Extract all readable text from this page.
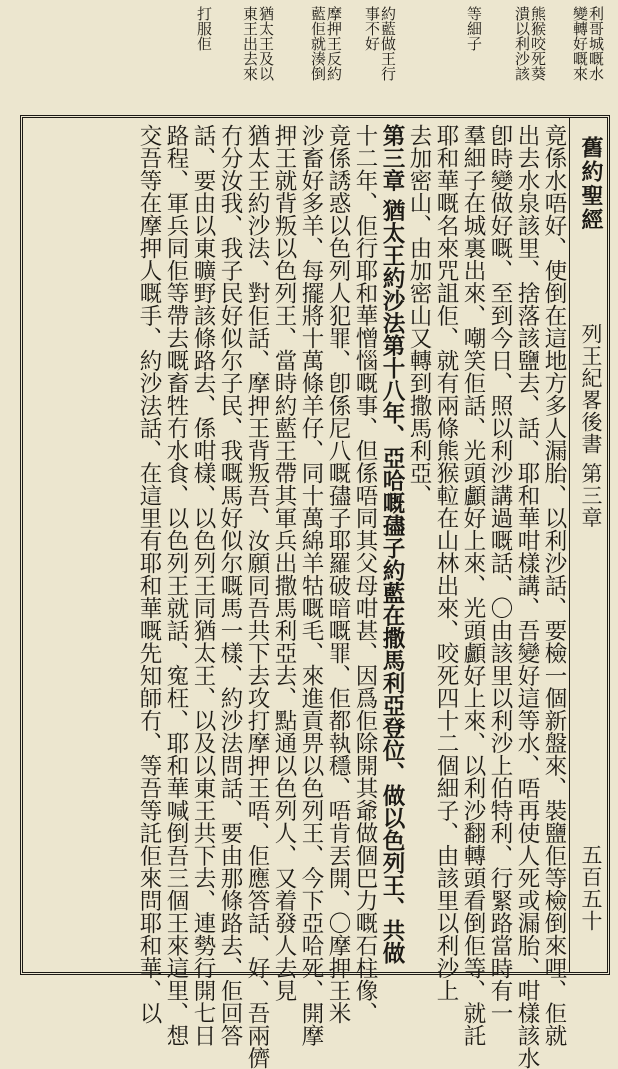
利哥城嘅水
變轉好嘅來
熊猴咬死葵
潰以利沙該
等細子
約藍做王行
事不好
摩押王反約
藍佢就湊倒
猶太王及以
東王出去來
打服佢
舊約聖經
列王紀畧後書 第三章
五百五十
竟係水唔好、使倒在這地方多人漏胎、以利沙話、要檢一個新盤來、裝鹽佢等檢倒來哩、佢就
出去水泉該里、捨落該鹽去、話、耶和華咁樣講、吾變好這等水、唔再使人死或漏胎、咁樣該水
卽時變做好嘅、至到今日、照以利沙講過嘅話、〇由該里以利沙上伯特利、行緊路當時有一
羣細子在城裏出來、嘲笑佢話、光頭顱好上來、光頭顱好上來、以利沙翻轉頭看倒佢等、就託
耶和華嘅名來咒詛佢、就有兩條熊猴𨋢在山林出來、咬死四十二個細子、由該里以利沙上
去加密山、由加密山又轉到撒馬利亞、
第三章 猶太王約沙法第十八年、亞哈嘅孻子約藍在撒馬利亞登位、做以色列王、共做
十二年、佢行耶和華憎惱嘅事、但係唔同其父母咁甚、因爲佢除開其爺做個巴力嘅石柱像、
竟係誘惑以色列人犯罪、卽係尼八嘅孻子耶羅破暗嘅罪、佢都執穩、唔肯丟開、〇摩押王米
沙畜好多羊、每擺將十萬條羊仔、同十萬綿羊牯嘅毛、來進貢畀以色列王、今下亞哈死、開摩
押王就背叛以色列王、當時約藍王帶其軍兵出撒馬利亞去、點通以色列人、又着發人去見
猶太王約沙法、對佢話、摩押王背叛吾、汝願同吾共下去攻打摩押王唔、佢應答話、好、吾兩儕
冇分汝我、我子民好似尔子民、我嘅馬好似尔嘅馬一樣、約沙法問話、要由那條路去、佢回答
話、要由以東曠野該條路去、係咁樣、以色列王同猶太王、以及以東王共下去、連勢行開七日
路程、軍兵同佢等帶去嘅畜牲冇水食、以色列王就話、寃枉、耶和華喊倒吾三個王來這里、想
交吾等在摩押人嘅手、約沙法話、在這里有耶和華嘅先知師冇、等吾等託佢來問耶和華、以
